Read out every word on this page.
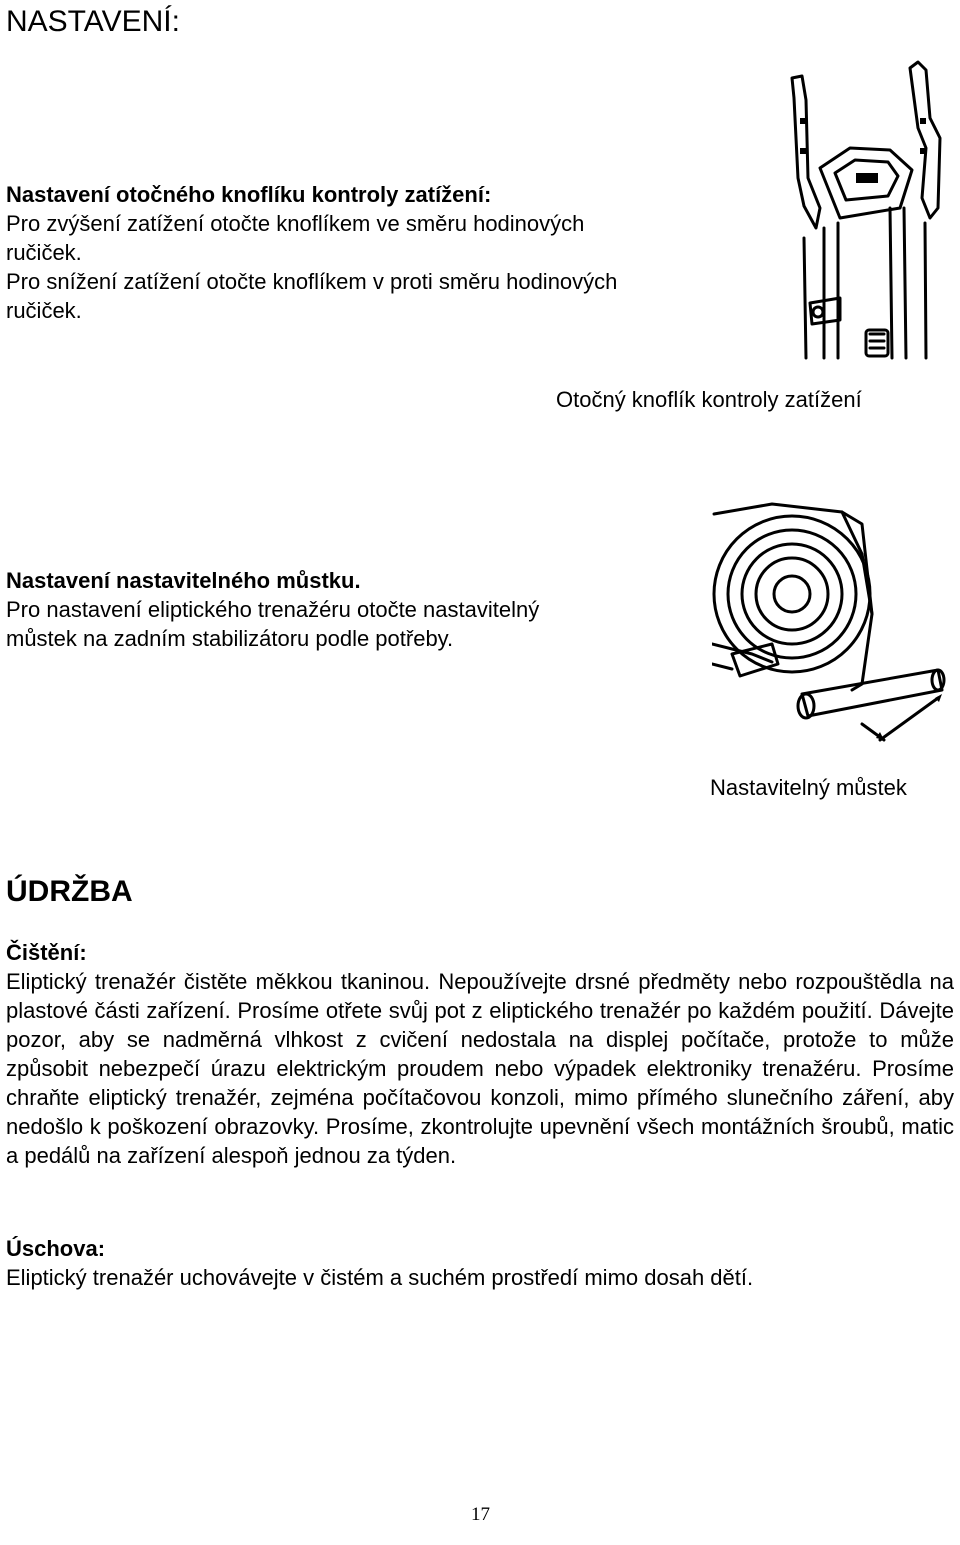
NASTAVENÍ:

Nastavení otočného knoflíku kontroly zatížení:

Pro zvýšení zatížení otočte knoflíkem ve směru hodinových

ručiček.

Pro snížení zatížení otočte knoflíkem v proti směru hodinových

ručiček.

Otočný knoflík kontroly zatížení

Nastavení nastavitelného můstku.

Pro nastavení eliptického trenažéru otočte nastavitelný

můstek na zadním stabilizátoru podle potřeby.

Nastavitelný můstek
ÚDRŽBA

Čištění:

Eliptický trenažér čistěte měkkou tkaninou. Nepoužívejte drsné předměty nebo rozpouštědla na plastové části zařízení. Prosíme otřete svůj pot z eliptického trenažér po každém použití. Dávejte pozor, aby se nadměrná vlhkost z cvičení nedostala na displej počítače, protože to může způsobit nebezpečí úrazu elektrickým proudem nebo výpadek elektroniky trenažéru. Prosíme chraňte eliptický trenažér, zejména počítačovou konzoli, mimo přímého slunečního záření, aby nedošlo k poškození obrazovky. Prosíme, zkontrolujte upevnění všech montážních šroubů, matic a pedálů na zařízení alespoň jednou za týden.

Úschova:

Eliptický trenažér uchovávejte v čistém a suchém prostředí mimo dosah dětí.

17
